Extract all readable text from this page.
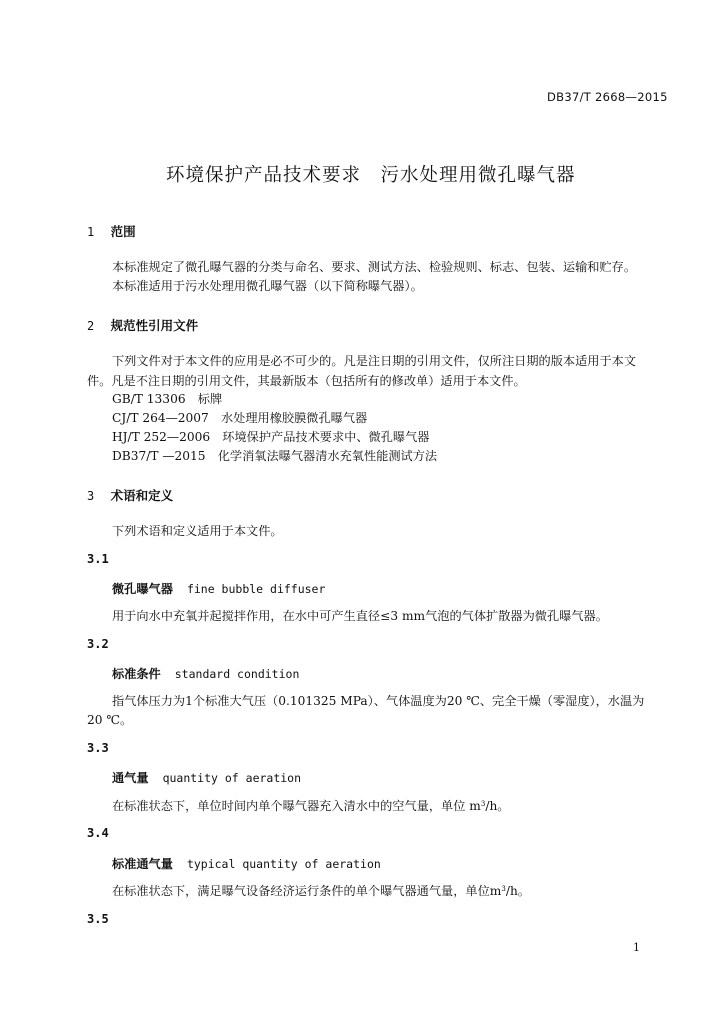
DB37/T 2668—2015
环境保护产品技术要求　污水处理用微孔曝气器
1 范围
本标准规定了微孔曝气器的分类与命名、要求、测试方法、检验规则、标志、包装、运输和贮存。
本标准适用于污水处理用微孔曝气器（以下简称曝气器）。
2 规范性引用文件
下列文件对于本文件的应用是必不可少的。凡是注日期的引用文件，仅所注日期的版本适用于本文
件。凡是不注日期的引用文件，其最新版本（包括所有的修改单）适用于本文件。
GB/T 13306　标牌
CJ/T 264—2007　水处理用橡胶膜微孔曝气器
HJ/T 252—2006　环境保护产品技术要求中、微孔曝气器
DB37/T —2015　化学消氧法曝气器清水充氧性能测试方法
3 术语和定义
下列术语和定义适用于本文件。
3.1
微孔曝气器 fine bubble diffuser
用于向水中充氧并起搅拌作用，在水中可产生直径≤3 mm气泡的气体扩散器为微孔曝气器。
3.2
标准条件 standard condition
指气体压力为1个标准大气压（0.101325 MPa）、气体温度为20 ℃、完全干燥（零湿度），水温为
20 ℃。
3.3
通气量 quantity of aeration
在标准状态下，单位时间内单个曝气器充入清水中的空气量，单位 $m^3/h$。
3.4
标准通气量 typical quantity of aeration
在标准状态下，满足曝气设备经济运行条件的单个曝气器通气量，单位$m^3/h$。
3.5
1
